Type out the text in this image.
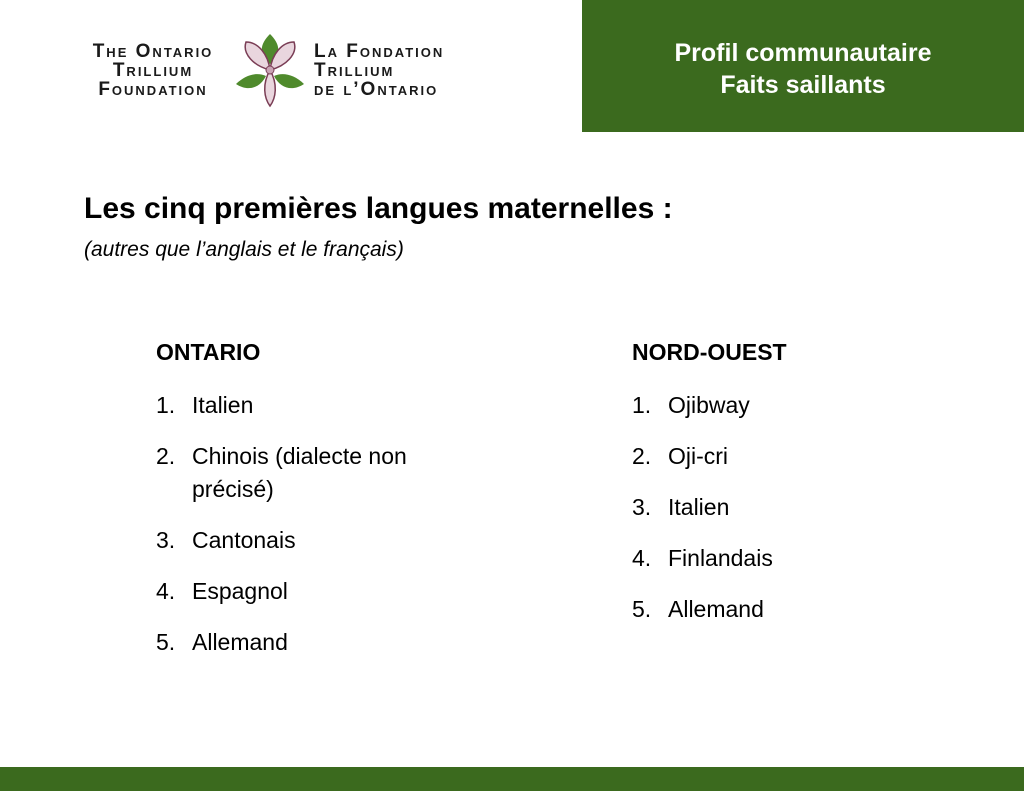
The Ontario
Trillium
Foundation
La Fondation
Trillium
de l’Ontario
Profil communautaire
Faits saillants
Les cinq premières langues maternelles :
(autres que l’anglais et le français)
ONTARIO
1. Italien
2. Chinois (dialecte non précisé)
3. Cantonais
4. Espagnol
5. Allemand
NORD-OUEST
1. Ojibway
2. Oji-cri
3. Italien
4. Finlandais
5. Allemand
